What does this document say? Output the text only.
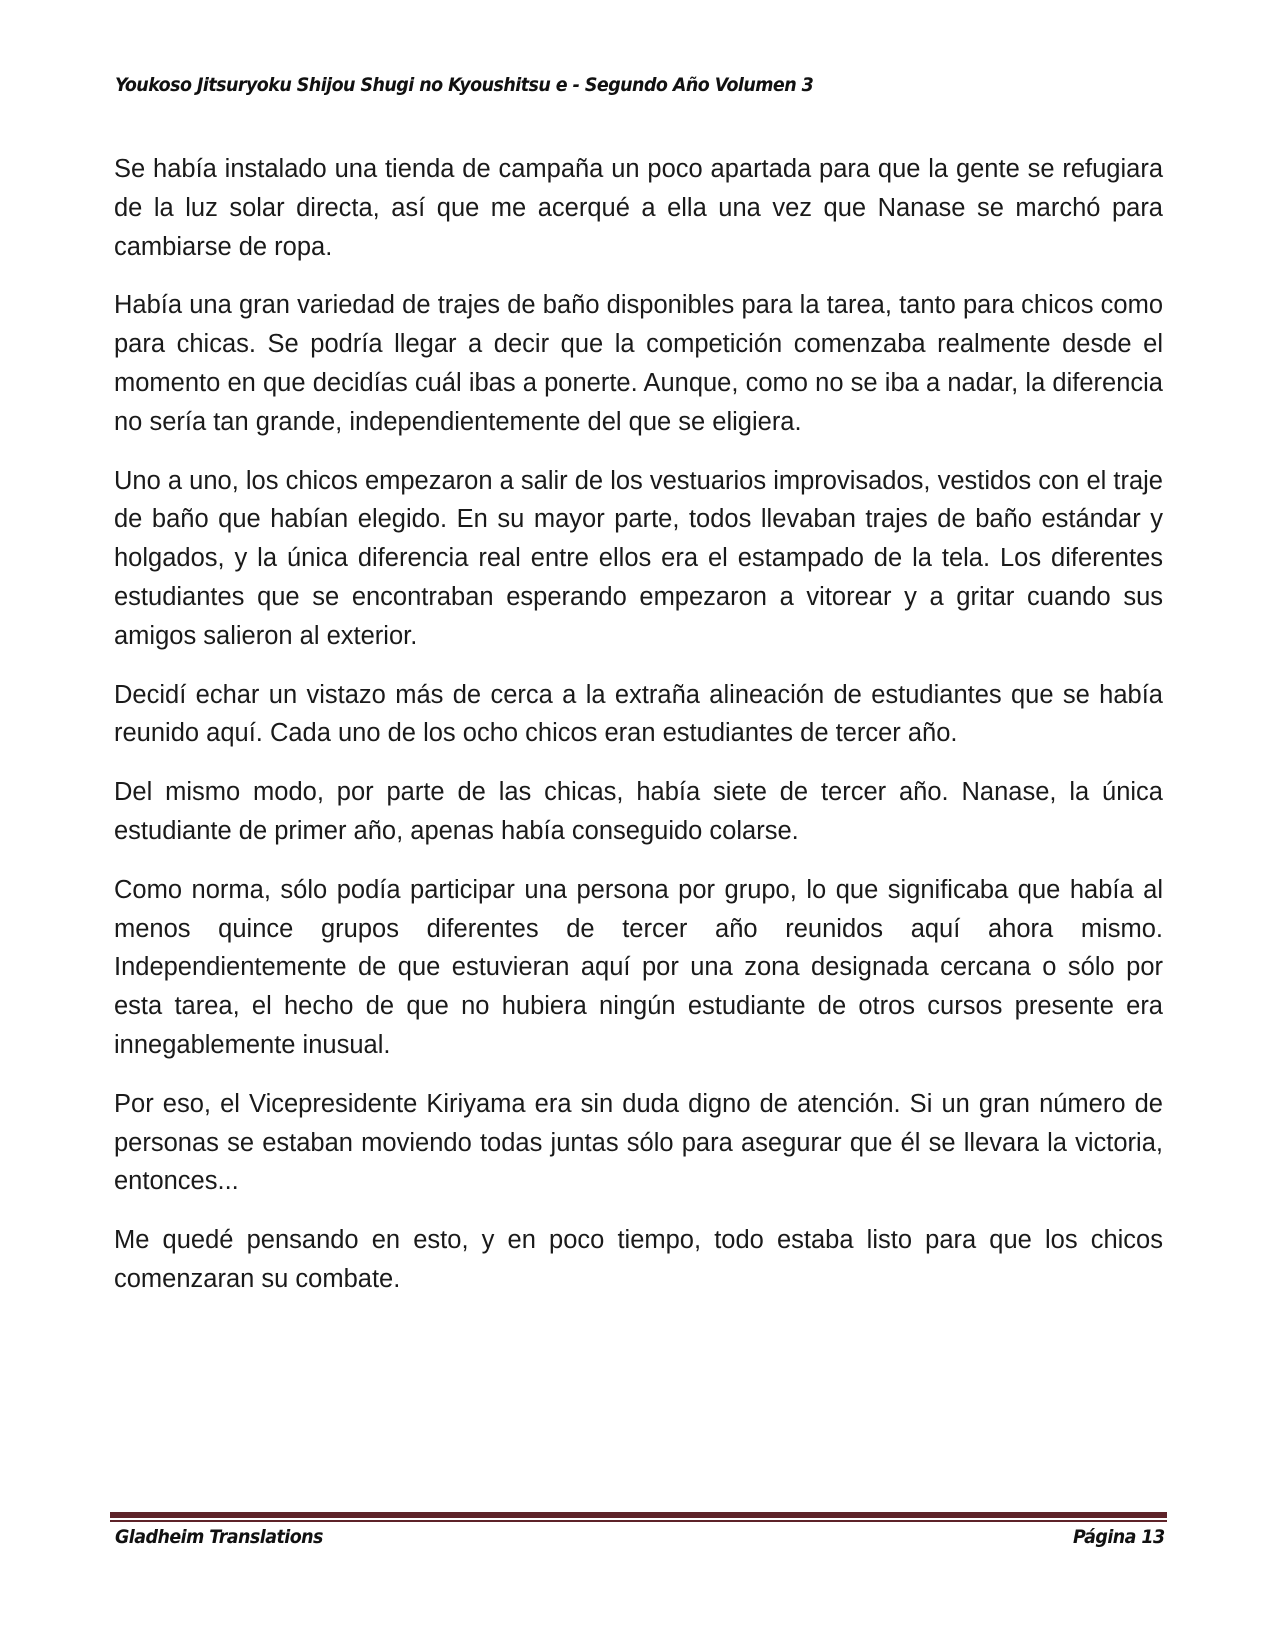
Youkoso Jitsuryoku Shijou Shugi no Kyoushitsu e - Segundo Año Volumen 3

Se había instalado una tienda de campaña un poco apartada para que la gente se refugiara de la luz solar directa, así que me acerqué a ella una vez que Nanase se marchó para cambiarse de ropa.

Había una gran variedad de trajes de baño disponibles para la tarea, tanto para chicos como para chicas. Se podría llegar a decir que la competición comenzaba realmente desde el momento en que decidías cuál ibas a ponerte. Aunque, como no se iba a nadar, la diferencia no sería tan grande, independientemente del que se eligiera.

Uno a uno, los chicos empezaron a salir de los vestuarios improvisados, vestidos con el traje de baño que habían elegido. En su mayor parte, todos llevaban trajes de baño estándar y holgados, y la única diferencia real entre ellos era el estampado de la tela. Los diferentes estudiantes que se encontraban esperando empezaron a vitorear y a gritar cuando sus amigos salieron al exterior.

Decidí echar un vistazo más de cerca a la extraña alineación de estudiantes que se había reunido aquí. Cada uno de los ocho chicos eran estudiantes de tercer año.

Del mismo modo, por parte de las chicas, había siete de tercer año. Nanase, la única estudiante de primer año, apenas había conseguido colarse.

Como norma, sólo podía participar una persona por grupo, lo que significaba que había al menos quince grupos diferentes de tercer año reunidos aquí ahora mismo. Independientemente de que estuvieran aquí por una zona designada cercana o sólo por esta tarea, el hecho de que no hubiera ningún estudiante de otros cursos presente era innegablemente inusual.

Por eso, el Vicepresidente Kiriyama era sin duda digno de atención. Si un gran número de personas se estaban moviendo todas juntas sólo para asegurar que él se llevara la victoria, entonces...

Me quedé pensando en esto, y en poco tiempo, todo estaba listo para que los chicos comenzaran su combate.

Gladheim Translations	Página 13
